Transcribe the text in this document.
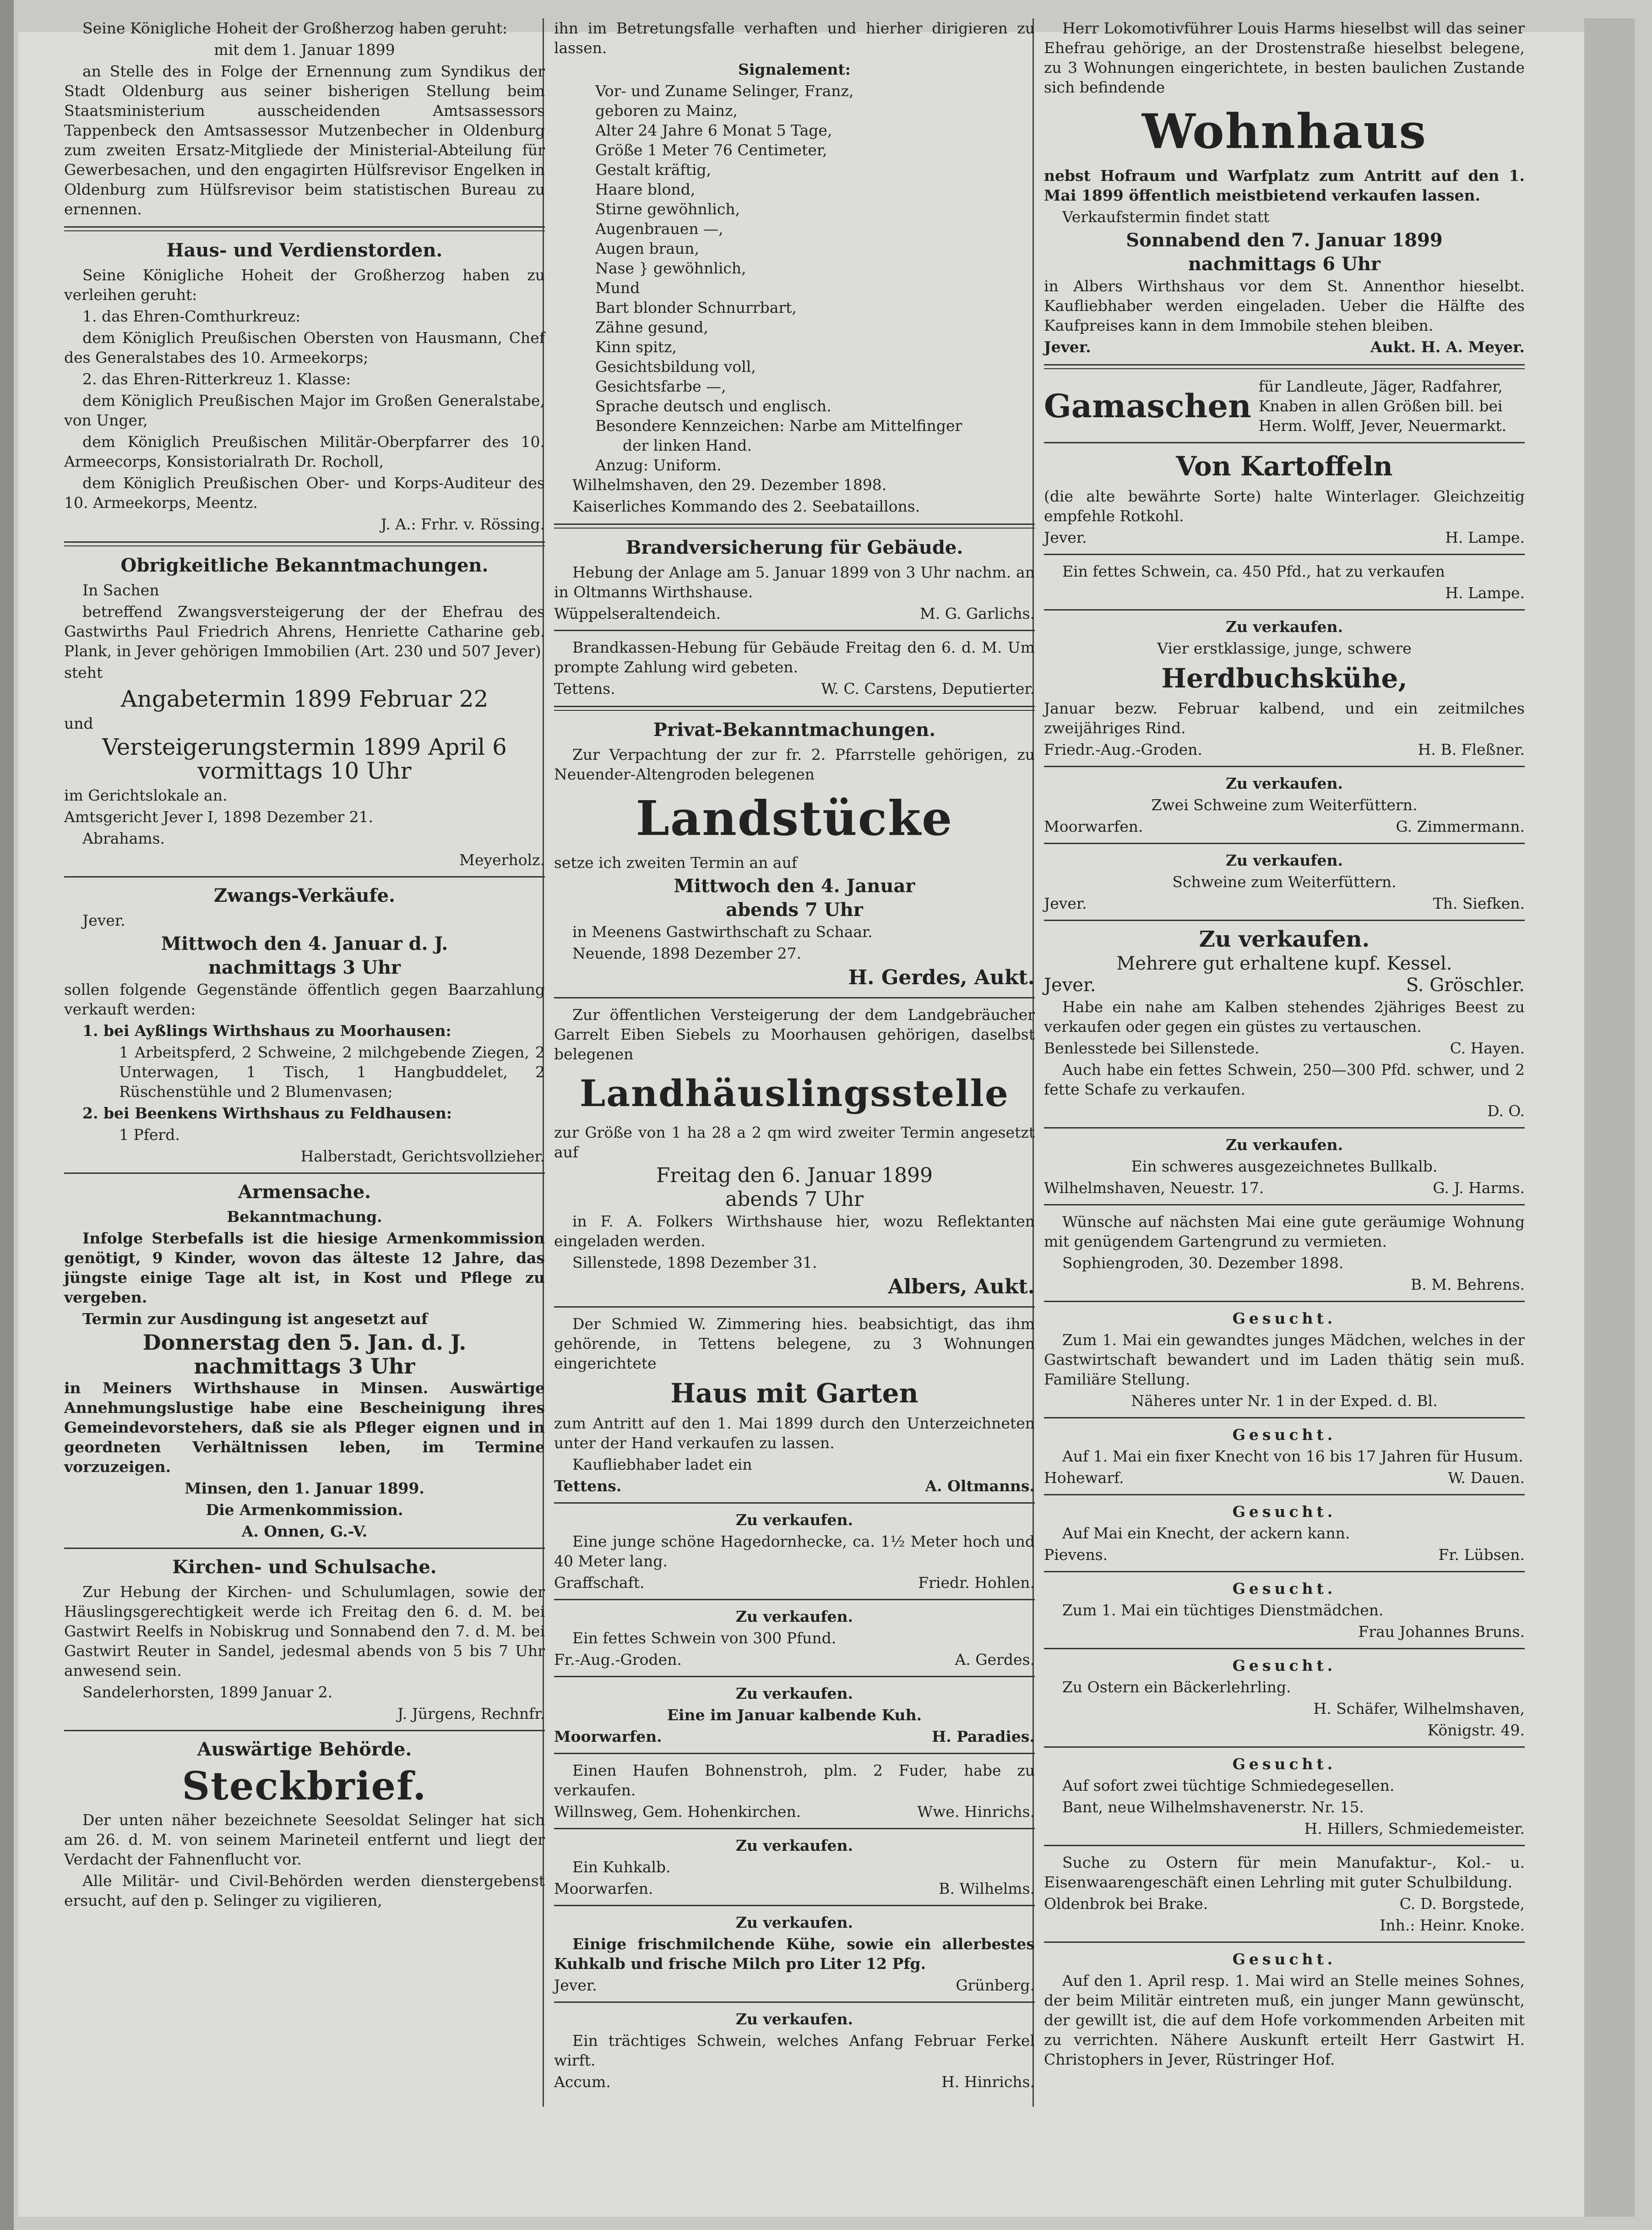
Seine Königliche Hoheit der Großherzog haben geruht:

mit dem 1. Januar 1899

an Stelle des in Folge der Ernennung zum Syndikus der Stadt Oldenburg aus seiner bisherigen Stellung beim Staatsministerium ausscheidenden Amtsassessors Tappenbeck den Amtsassessor Mutzenbecher in Oldenburg zum zweiten Ersatz-Mitgliede der Ministerial-Abteilung für Gewerbesachen, und den engagirten Hülfsrevisor Engelken in Oldenburg zum Hülfsrevisor beim statistischen Bureau zu ernennen.

Haus- und Verdienstorden.

Seine Königliche Hoheit der Großherzog haben zu verleihen geruht:

1. das Ehren-Comthurkreuz:

dem Königlich Preußischen Obersten von Hausmann, Chef des Generalstabes des 10. Armeekorps;

2. das Ehren-Ritterkreuz 1. Klasse:

dem Königlich Preußischen Major im Großen Generalstabe, von Unger,

dem Königlich Preußischen Militär-Oberpfarrer des 10. Armeecorps, Konsistorialrath Dr. Rocholl,

dem Königlich Preußischen Ober- und Korps-Auditeur des 10. Armeekorps, Meentz.

J. A.: Frhr. v. Rössing.

Obrigkeitliche Bekanntmachungen.

In Sachen

betreffend Zwangsversteigerung der der Ehefrau des Gastwirths Paul Friedrich Ahrens, Henriette Catharine geb. Plank, in Jever gehörigen Immobilien (Art. 230 und 507 Jever)

steht

Angabetermin 1899 Februar 22

und

Versteigerungstermin 1899 April 6
vormittags 10 Uhr

im Gerichtslokale an.

Amtsgericht Jever I, 1898 Dezember 21.

Abrahams.

Meyerholz.

Zwangs-Verkäufe.

Jever.

Mittwoch den 4. Januar d. J.
nachmittags 3 Uhr

sollen folgende Gegenstände öffentlich gegen Baarzahlung verkauft werden:

1. bei Ayßlings Wirthshaus zu Moorhausen:

1 Arbeitspferd, 2 Schweine, 2 milchgebende Ziegen, 2 Unterwagen, 1 Tisch, 1 Hangbuddelet, 2 Rüschenstühle und 2 Blumenvasen;

2. bei Beenkens Wirthshaus zu Feldhausen:

1 Pferd.

Halberstadt, Gerichtsvollzieher.

Armensache.

Bekanntmachung.

Infolge Sterbefalls ist die hiesige Armenkommission genötigt, 9 Kinder, wovon das älteste 12 Jahre, das jüngste einige Tage alt ist, in Kost und Pflege zu vergeben.

Termin zur Ausdingung ist angesetzt auf

Donnerstag den 5. Jan. d. J.
nachmittags 3 Uhr

in Meiners Wirthshause in Minsen. Auswärtige Annehmungslustige habe eine Bescheinigung ihres Gemeindevorstehers, daß sie als Pfleger eignen und in geordneten Verhältnissen leben, im Termine vorzuzeigen.

Minsen, den 1. Januar 1899.

Die Armenkommission.

A. Onnen, G.-V.

Kirchen- und Schulsache.

Zur Hebung der Kirchen- und Schulumlagen, sowie der Häuslingsgerechtigkeit werde ich Freitag den 6. d. M. bei Gastwirt Reelfs in Nobiskrug und Sonnabend den 7. d. M. bei Gastwirt Reuter in Sandel, jedesmal abends von 5 bis 7 Uhr anwesend sein.

Sandelerhorsten, 1899 Januar 2.

J. Jürgens, Rechnfr.

Auswärtige Behörde.
Steckbrief.

Der unten näher bezeichnete Seesoldat Selinger hat sich am 26. d. M. von seinem Marineteil entfernt und liegt der Verdacht der Fahnenflucht vor.

Alle Militär- und Civil-Behörden werden dienstergebenst ersucht, auf den p. Selinger zu vigilieren,

ihn im Betretungsfalle verhaften und hierher dirigieren zu lassen.

Signalement:

Vor- und Zuname Selinger, Franz,
geboren zu Mainz,
Alter 24 Jahre 6 Monat 5 Tage,
Größe 1 Meter 76 Centimeter,
Gestalt kräftig,
Haare blond,
Stirne gewöhnlich,
Augenbrauen —,
Augen braun,
Nase } gewöhnlich,
Mund
Bart blonder Schnurrbart,
Zähne gesund,
Kinn spitz,
Gesichtsbildung voll,
Gesichtsfarbe —,
Sprache deutsch und englisch.
Besondere Kennzeichen: Narbe am Mittelfinger
der linken Hand.
Anzug: Uniform.

Wilhelmshaven, den 29. Dezember 1898.

Kaiserliches Kommando des 2. Seebataillons.

Brandversicherung für Gebäude.

Hebung der Anlage am 5. Januar 1899 von 3 Uhr nachm. an in Oltmanns Wirthshause.

Wüppelseraltendeich.	M. G. Garlichs.

Brandkassen-Hebung für Gebäude Freitag den 6. d. M. Um prompte Zahlung wird gebeten.

Tettens.	W. C. Carstens, Deputierter.
Privat-Bekanntmachungen.

Zur Verpachtung der zur fr. 2. Pfarrstelle gehörigen, zu Neuender-Altengroden belegenen

Landstücke

setze ich zweiten Termin an auf

Mittwoch den 4. Januar
abends 7 Uhr

in Meenens Gastwirthschaft zu Schaar.

Neuende, 1898 Dezember 27.

H. Gerdes, Aukt.

Zur öffentlichen Versteigerung der dem Landgebräucher Garrelt Eiben Siebels zu Moorhausen gehörigen, daselbst belegenen

Landhäuslingsstelle

zur Größe von 1 ha 28 a 2 qm wird zweiter Termin angesetzt auf

Freitag den 6. Januar 1899
abends 7 Uhr

in F. A. Folkers Wirthshause hier, wozu Reflektanten eingeladen werden.

Sillenstede, 1898 Dezember 31.

Albers, Aukt.

Der Schmied W. Zimmering hies. beabsichtigt, das ihm gehörende, in Tettens belegene, zu 3 Wohnungen eingerichtete

Haus mit Garten

zum Antritt auf den 1. Mai 1899 durch den Unterzeichneten unter der Hand verkaufen zu lassen.

Kaufliebhaber ladet ein

Tettens.	A. Oltmanns.

Zu verkaufen.

Eine junge schöne Hagedornhecke, ca. 1½ Meter hoch und 40 Meter lang.

Graffschaft.	Friedr. Hohlen.

Zu verkaufen.

Ein fettes Schwein von 300 Pfund.

Fr.-Aug.-Groden.	A. Gerdes.

Zu verkaufen.

Eine im Januar kalbende Kuh.

Moorwarfen.	H. Paradies.

Einen Haufen Bohnenstroh, plm. 2 Fuder, habe zu verkaufen.

Willnsweg, Gem. Hohenkirchen.	Wwe. Hinrichs.

Zu verkaufen.

Ein Kuhkalb.

Moorwarfen.	B. Wilhelms.

Zu verkaufen.

Einige frischmilchende Kühe, sowie ein allerbestes Kuhkalb und frische Milch pro Liter 12 Pfg.

Jever.	Grünberg.

Zu verkaufen.

Ein trächtiges Schwein, welches Anfang Februar Ferkel wirft.

Accum.	H. Hinrichs.

Herr Lokomotivführer Louis Harms hieselbst will das seiner Ehefrau gehörige, an der Drostenstraße hieselbst belegene, zu 3 Wohnungen eingerichtete, in besten baulichen Zustande sich befindende

Wohnhaus

nebst Hofraum und Warfplatz zum Antritt auf den 1. Mai 1899 öffentlich meistbietend verkaufen lassen.

Verkaufstermin findet statt

Sonnabend den 7. Januar 1899
nachmittags 6 Uhr

in Albers Wirthshaus vor dem St. Annenthor hieselbt. Kaufliebhaber werden eingeladen. Ueber die Hälfte des Kaufpreises kann in dem Immobile stehen bleiben.

Jever.	Aukt. H. A. Meyer.
Gamaschen
für Landleute, Jäger, Radfahrer, Knaben in allen Größen bill. bei Herm. Wolff, Jever, Neuermarkt.
Von Kartoffeln

(die alte bewährte Sorte) halte Winterlager. Gleichzeitig empfehle Rotkohl.

Jever.	H. Lampe.

Ein fettes Schwein, ca. 450 Pfd., hat zu verkaufen

H. Lampe.

Zu verkaufen.

Vier erstklassige, junge, schwere

Herdbuchskühe,

Januar bezw. Februar kalbend, und ein zeitmilches zweijähriges Rind.

Friedr.-Aug.-Groden.	H. B. Fleßner.

Zu verkaufen.

Zwei Schweine zum Weiterfüttern.

Moorwarfen.	G. Zimmermann.

Zu verkaufen.

Schweine zum Weiterfüttern.

Jever.	Th. Siefken.
Zu verkaufen.

Mehrere gut erhaltene kupf. Kessel.

Jever.	S. Gröschler.

Habe ein nahe am Kalben stehendes 2jähriges Beest zu verkaufen oder gegen ein güstes zu vertauschen.

Benlesstede bei Sillenstede.	C. Hayen.

Auch habe ein fettes Schwein, 250—300 Pfd. schwer, und 2 fette Schafe zu verkaufen.

D. O.

Zu verkaufen.

Ein schweres ausgezeichnetes Bullkalb.

Wilhelmshaven, Neuestr. 17.	G. J. Harms.

Wünsche auf nächsten Mai eine gute geräumige Wohnung mit genügendem Gartengrund zu vermieten.

Sophiengroden, 30. Dezember 1898.

B. M. Behrens.

Gesucht.

Zum 1. Mai ein gewandtes junges Mädchen, welches in der Gastwirtschaft bewandert und im Laden thätig sein muß. Familiäre Stellung.

Näheres unter Nr. 1 in der Exped. d. Bl.

Gesucht.

Auf 1. Mai ein fixer Knecht von 16 bis 17 Jahren für Husum.

Hohewarf.	W. Dauen.

Gesucht.

Auf Mai ein Knecht, der ackern kann.

Pievens.	Fr. Lübsen.

Gesucht.

Zum 1. Mai ein tüchtiges Dienstmädchen.

Frau Johannes Bruns.

Gesucht.

Zu Ostern ein Bäckerlehrling.

H. Schäfer, Wilhelmshaven,

Königstr. 49.

Gesucht.

Auf sofort zwei tüchtige Schmiedegesellen.

Bant, neue Wilhelmshavenerstr. Nr. 15.

H. Hillers, Schmiedemeister.

Suche zu Ostern für mein Manufaktur-, Kol.- u. Eisenwaarengeschäft einen Lehrling mit guter Schulbildung.

Oldenbrok bei Brake.	C. D. Borgstede,

Inh.: Heinr. Knoke.

Gesucht.

Auf den 1. April resp. 1. Mai wird an Stelle meines Sohnes, der beim Militär eintreten muß, ein junger Mann gewünscht, der gewillt ist, die auf dem Hofe vorkommenden Arbeiten mit zu verrichten. Nähere Auskunft erteilt Herr Gastwirt H. Christophers in Jever, Rüstringer Hof.
